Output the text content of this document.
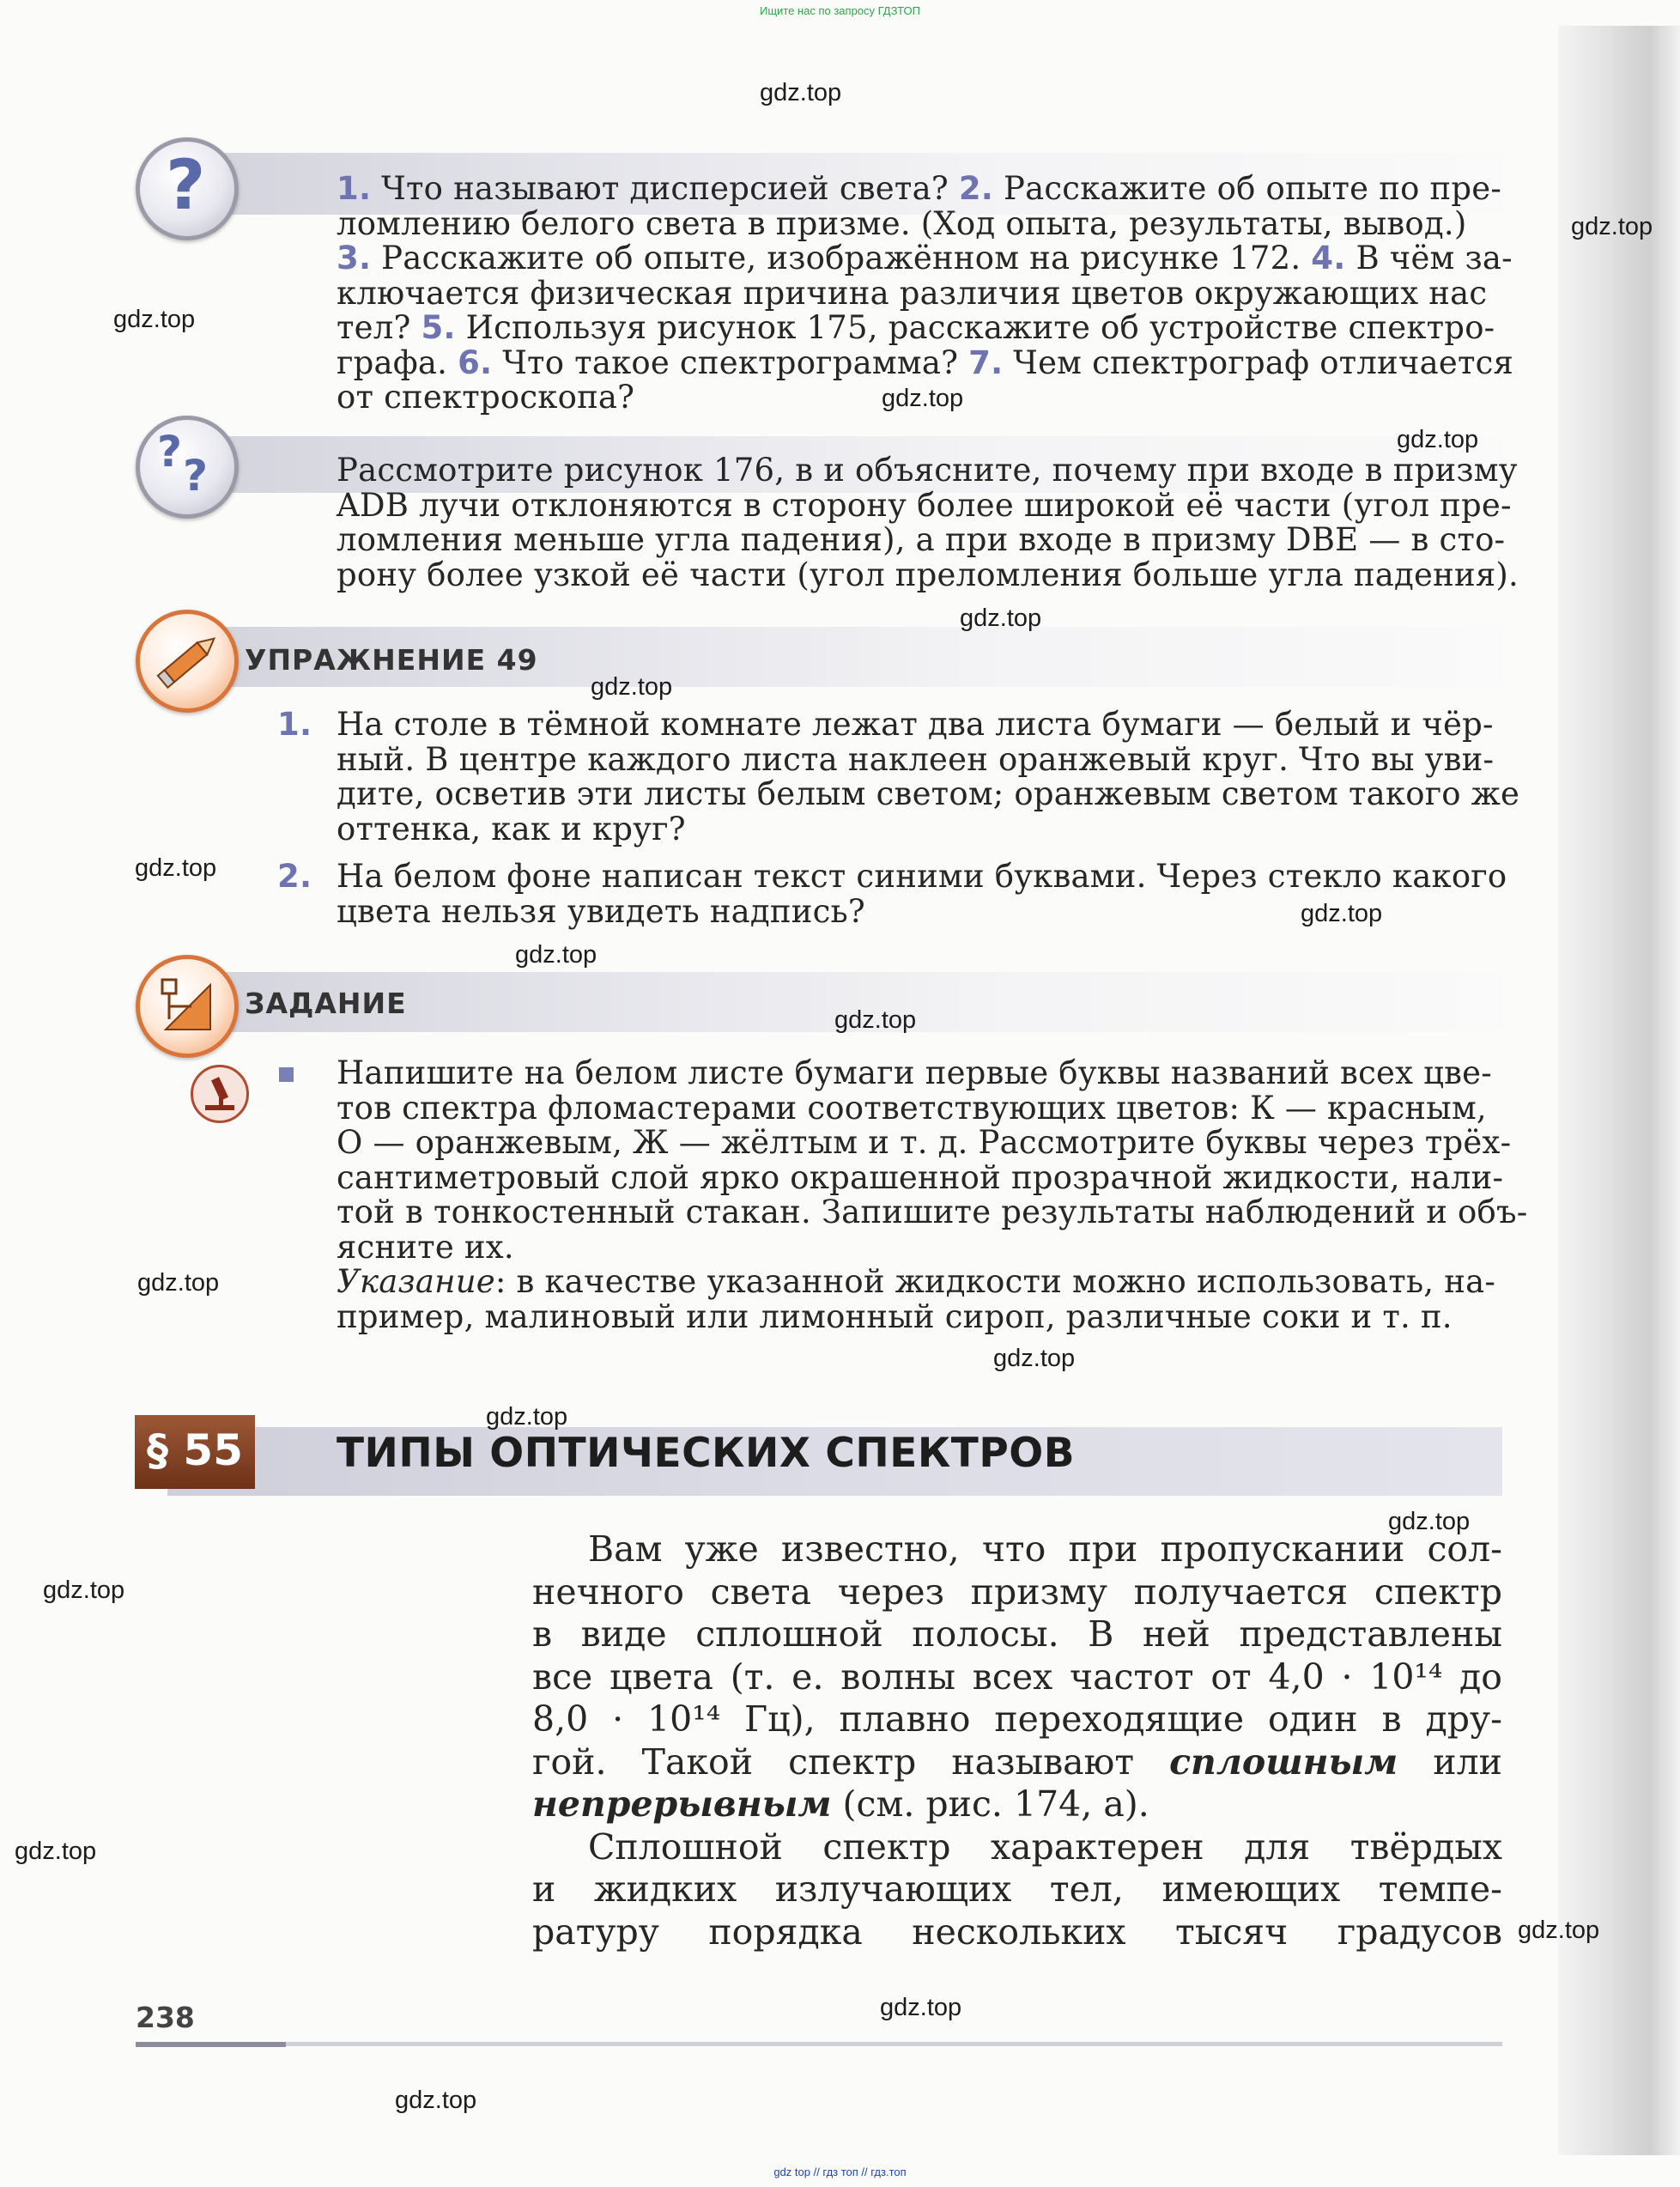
Ищите нас по запросу ГДЗТОП
?	1. Что называют дисперсией света? 2. Расскажите об опыте по пре-
ломлению белого света в призме. (Ход опыта, результаты, вывод.)
3. Расскажите об опыте, изображённом на рисунке 172. 4. В чём за-
ключается физическая причина различия цветов окружающих нас
тел? 5. Используя рисунок 175, расскажите об устройстве спектро-
графа. 6. Что такое спектрограмма? 7. Чем спектрограф отличается
от спектроскопа?
? ?	Рассмотрите рисунок 176, в и объясните, почему при входе в призму
ADB лучи отклоняются в сторону более широкой её части (угол пре-
ломления меньше угла падения), а при входе в призму DBE — в сто-
рону более узкой её части (угол преломления больше угла падения).
УПРАЖНЕНИЕ 49
1. На столе в тёмной комнате лежат два листа бумаги — белый и чёр-
ный. В центре каждого листа наклеен оранжевый круг. Что вы уви-
дите, осветив эти листы белым светом; оранжевым светом такого же
оттенка, как и круг?
2. На белом фоне написан текст синими буквами. Через стекло какого
цвета нельзя увидеть надпись?
ЗАДАНИЕ
Напишите на белом листе бумаги первые буквы названий всех цве-
тов спектра фломастерами соответствующих цветов: К — красным,
О — оранжевым, Ж — жёлтым и т. д. Рассмотрите буквы через трёх-
сантиметровый слой ярко окрашенной прозрачной жидкости, нали-
той в тонкостенный стакан. Запишите результаты наблюдений и объ-
ясните их.
Указание: в качестве указанной жидкости можно использовать, на-
пример, малиновый или лимонный сироп, различные соки и т. п.
§ 55 ТИПЫ ОПТИЧЕСКИХ СПЕКТРОВ
Вам уже известно, что при пропускании сол-
нечного света через призму получается спектр
в виде сплошной полосы. В ней представлены
все цвета (т. е. волны всех частот от 4,0 · 10¹⁴ до
8,0 · 10¹⁴ Гц), плавно переходящие один в дру-
гой. Такой спектр называют сплошным или
непрерывным (см. рис. 174, а).
Сплошной спектр характерен для твёрдых
и жидких излучающих тел, имеющих темпе-
ратуру порядка нескольких тысяч градусов
238
gdz.top
gdz.top
gdz.top
gdz.top
gdz.top
gdz.top
gdz.top
gdz.top
gdz.top
gdz.top
gdz.top
gdz.top
gdz.top
gdz.top
gdz.top
gdz.top
gdz.top
gdz.top
gdz.top
gdz.top
gdz top // гдз топ // гдз.топ
